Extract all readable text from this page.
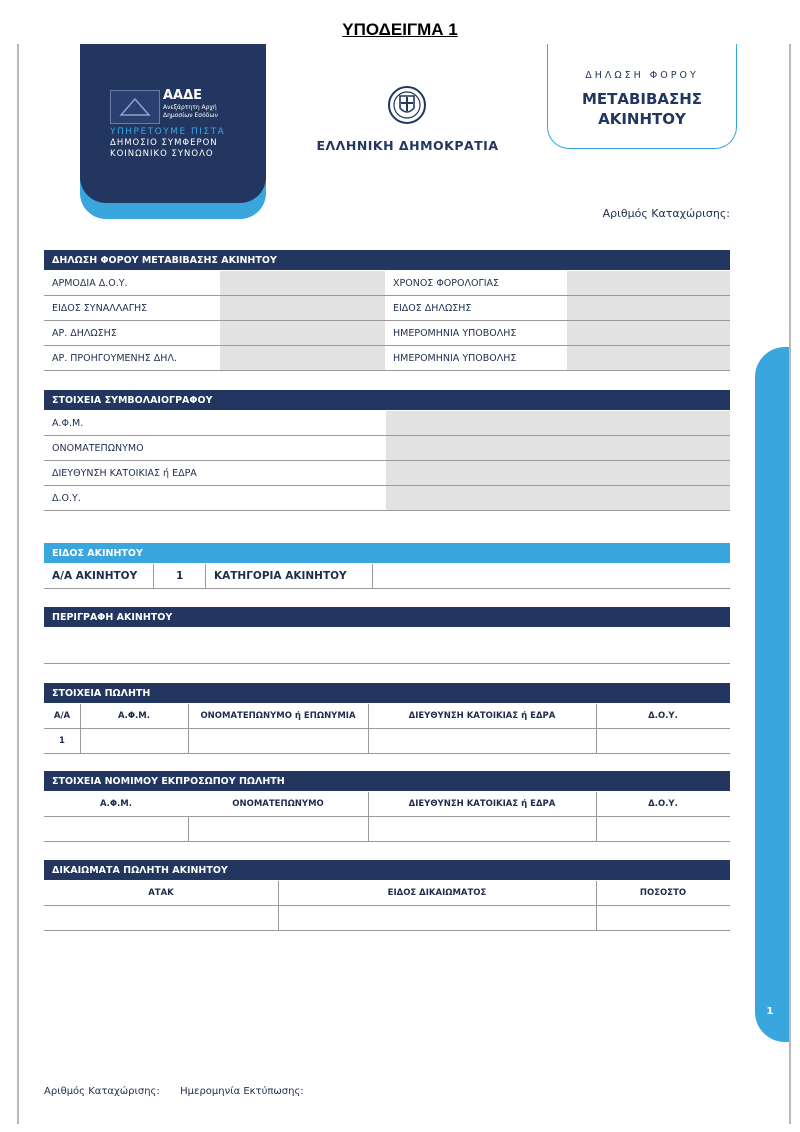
ΥΠΟΔΕΙΓΜΑ 1
1
ΑΑΔΕ
Ανεξάρτητη Αρχή
Δημοσίων Εσόδων
ΥΠΗΡΕΤΟΥΜΕ ΠΙΣΤΑ
ΔΗΜΟΣΙΟ ΣΥΜΦΕΡΟΝ
ΚΟΙΝΩΝΙΚΟ ΣΥΝΟΛΟ
ΕΛΛΗΝΙΚΗ ΔΗΜΟΚΡΑΤΙΑ
ΔΗΛΩΣΗ ΦΟΡΟΥ
ΜΕΤΑΒΙΒΑΣΗΣ
ΑΚΙΝΗΤΟΥ
Αριθμός Καταχώρισης:
ΔΗΛΩΣΗ ΦΟΡΟΥ ΜΕΤΑΒΙΒΑΣΗΣ ΑΚΙΝΗΤΟΥ
ΑΡΜΟΔΙΑ Δ.Ο.Υ.	ΧΡΟΝΟΣ ΦΟΡΟΛΟΓΙΑΣ
ΕΙΔΟΣ ΣΥΝΑΛΛΑΓΗΣ	ΕΙΔΟΣ ΔΗΛΩΣΗΣ
ΑΡ. ΔΗΛΩΣΗΣ	ΗΜΕΡΟΜΗΝΙΑ ΥΠΟΒΟΛΗΣ
ΑΡ. ΠΡΟΗΓΟΥΜΕΝΗΣ ΔΗΛ.	ΗΜΕΡΟΜΗΝΙΑ ΥΠΟΒΟΛΗΣ
ΣΤΟΙΧΕΙΑ ΣΥΜΒΟΛΑΙΟΓΡΑΦΟΥ
Α.Φ.Μ.
ΟΝΟΜΑΤΕΠΩΝΥΜΟ
ΔΙΕΥΘΥΝΣΗ ΚΑΤΟΙΚΙΑΣ ή ΕΔΡΑ
Δ.Ο.Υ.
ΕΙΔΟΣ ΑΚΙΝΗΤΟΥ
Α/Α ΑΚΙΝΗΤΟΥ	1	ΚΑΤΗΓΟΡΙΑ ΑΚΙΝΗΤΟΥ
ΠΕΡΙΓΡΑΦΗ ΑΚΙΝΗΤΟΥ
ΣΤΟΙΧΕΙΑ ΠΩΛΗΤΗ
Α/Α	Α.Φ.Μ.	ΟΝΟΜΑΤΕΠΩΝΥΜΟ ή ΕΠΩΝΥΜΙΑ	ΔΙΕΥΘΥΝΣΗ ΚΑΤΟΙΚΙΑΣ ή ΕΔΡΑ	Δ.Ο.Υ.
1
ΣΤΟΙΧΕΙΑ ΝΟΜΙΜΟΥ ΕΚΠΡΟΣΩΠΟΥ ΠΩΛΗΤΗ
Α.Φ.Μ.	ΟΝΟΜΑΤΕΠΩΝΥΜΟ	ΔΙΕΥΘΥΝΣΗ ΚΑΤΟΙΚΙΑΣ ή ΕΔΡΑ	Δ.Ο.Υ.
ΔΙΚΑΙΩΜΑΤΑ ΠΩΛΗΤΗ ΑΚΙΝΗΤΟΥ
ΑΤΑΚ	ΕΙΔΟΣ ΔΙΚΑΙΩΜΑΤΟΣ	ΠΟΣΟΣΤΟ
Αριθμός Καταχώρισης: Ημερομηνία Εκτύπωσης:
